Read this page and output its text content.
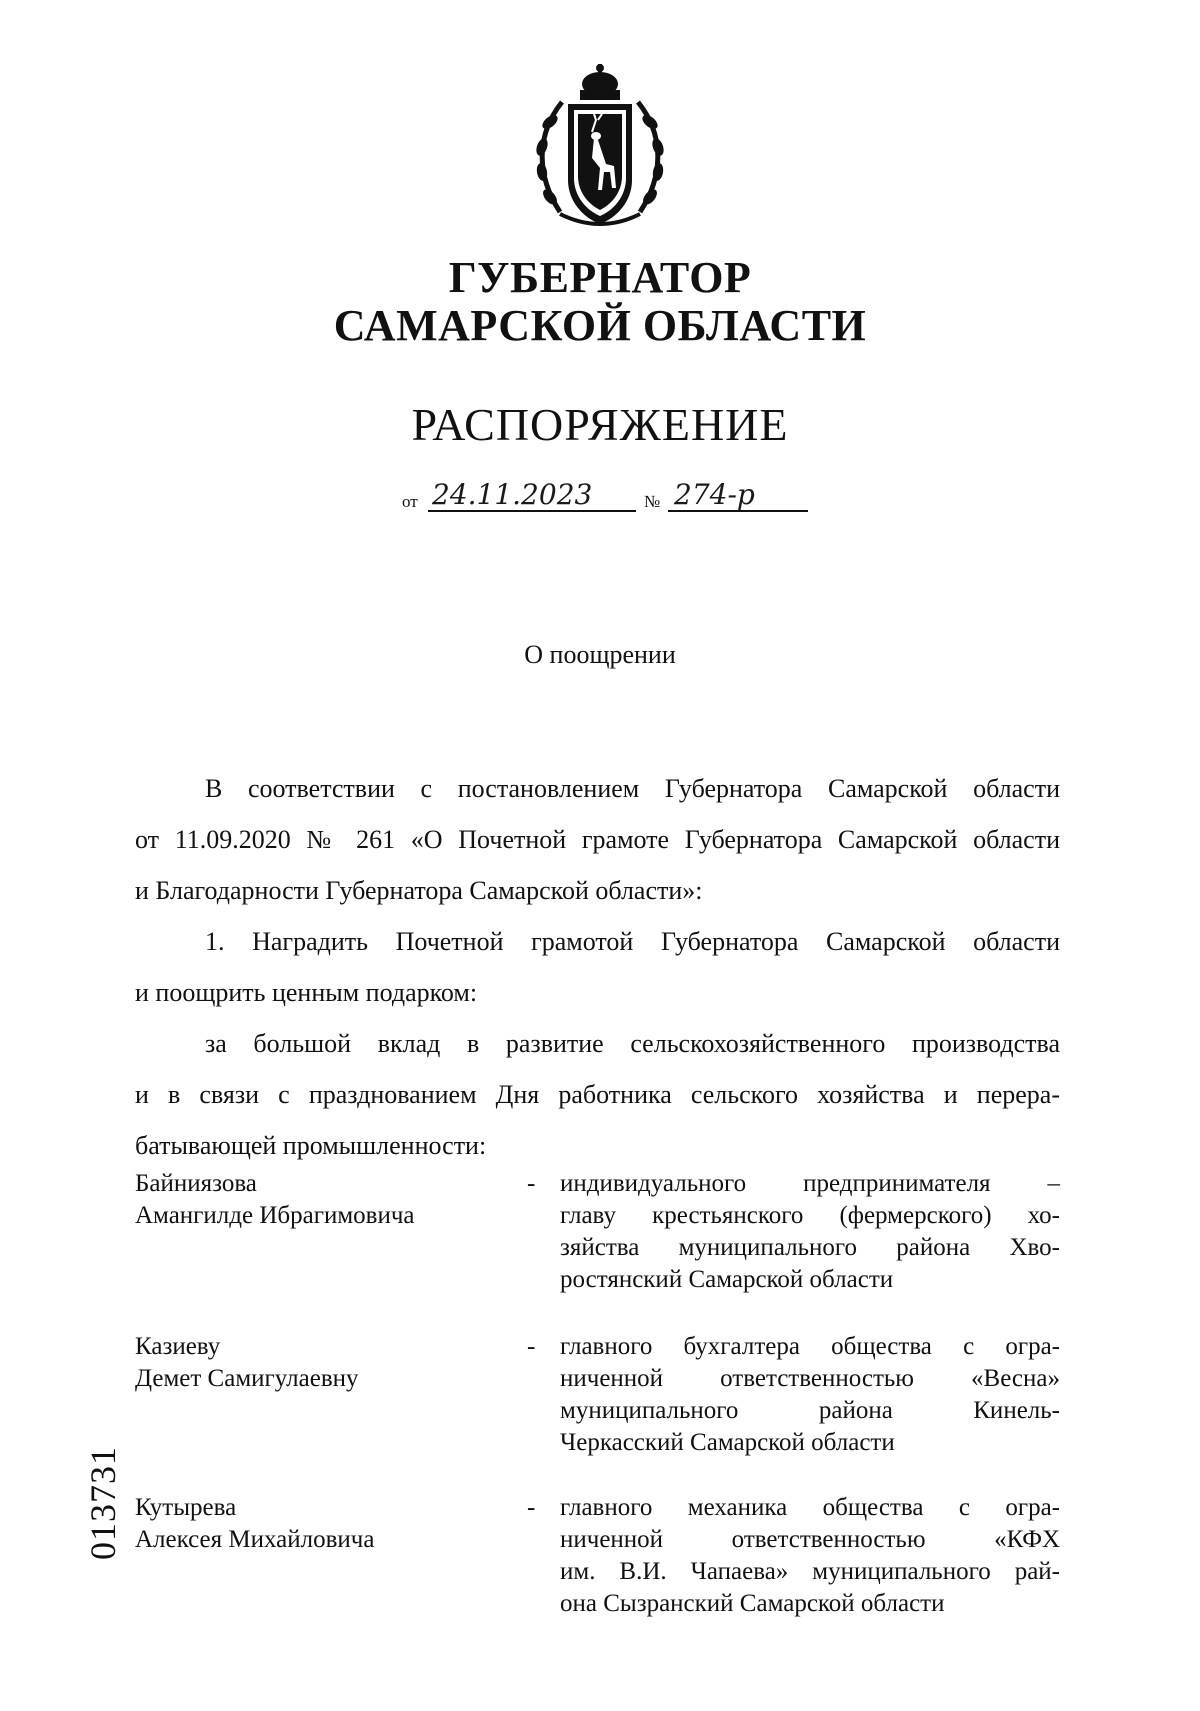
ГУБЕРНАТОР
САМАРСКОЙ ОБЛАСТИ
РАСПОРЯЖЕНИЕ
от 24.11.2023	№ 274-р
О поощрении
В соответствии с постановлением Губернатора Самарской области
от 11.09.2020 № 261 «О Почетной грамоте Губернатора Самарской области
и Благодарности Губернатора Самарской области»:
1. Наградить Почетной грамотой Губернатора Самарской области
и поощрить ценным подарком:
за большой вклад в развитие сельскохозяйственного производства
и в связи с празднованием Дня работника сельского хозяйства и перера-
батывающей промышленности:
Байниязова
Амангилде Ибрагимовича
- индивидуального предпринимателя –
главу крестьянского (фермерского) хо-
зяйства муниципального района Хво-
ростянский Самарской области
Казиеву
Демет Самигулаевну
- главного бухгалтера общества с огра-
ниченной ответственностью «Весна»
муниципального района Кинель-
Черкасский Самарской области
Кутырева
Алексея Михайловича
- главного механика общества с огра-
ниченной ответственностью «КФХ
им. В.И. Чапаева» муниципального рай-
она Сызранский Самарской области
013731
